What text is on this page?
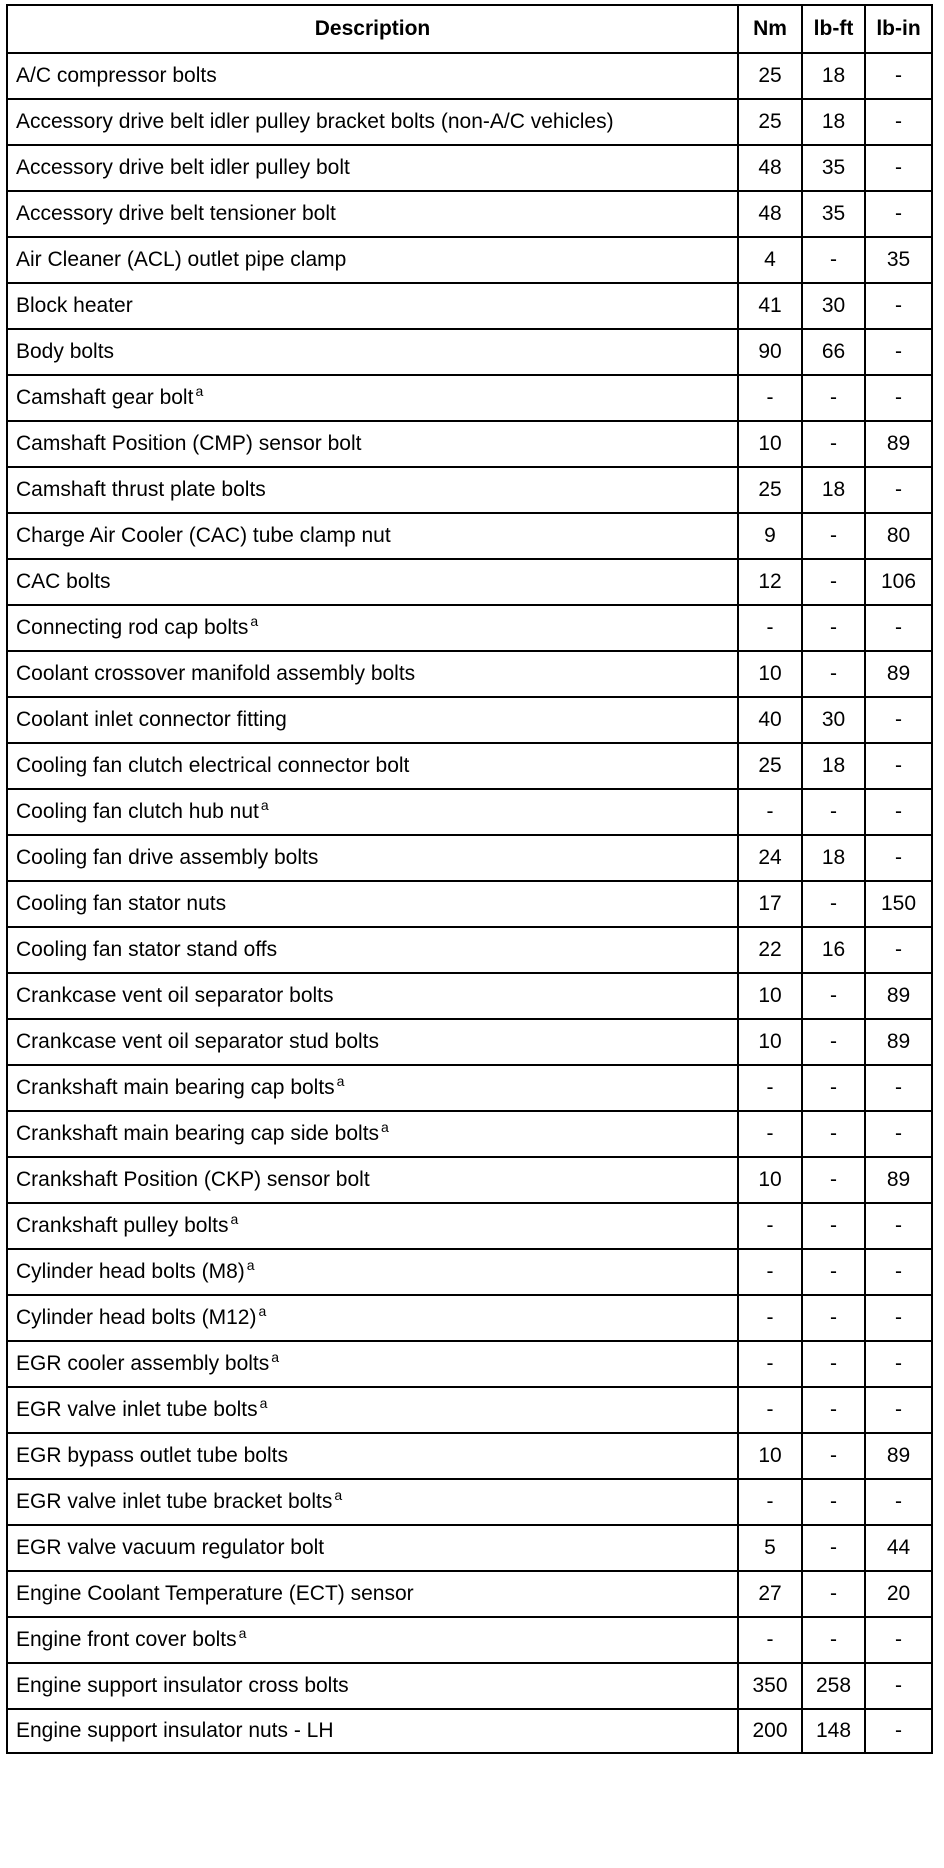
Description	Nm	lb-ft	lb-in
A/C compressor bolts	25	18	-
Accessory drive belt idler pulley bracket bolts (non-A/C vehicles)	25	18	-
Accessory drive belt idler pulley bolt	48	35	-
Accessory drive belt tensioner bolt	48	35	-
Air Cleaner (ACL) outlet pipe clamp	4	-	35
Block heater	41	30	-
Body bolts	90	66	-
Camshaft gear bolt $^a$	-	-	-
Camshaft Position (CMP) sensor bolt	10	-	89
Camshaft thrust plate bolts	25	18	-
Charge Air Cooler (CAC) tube clamp nut	9	-	80
CAC bolts	12	-	106
Connecting rod cap bolts $^a$	-	-	-
Coolant crossover manifold assembly bolts	10	-	89
Coolant inlet connector fitting	40	30	-
Cooling fan clutch electrical connector bolt	25	18	-
Cooling fan clutch hub nut $^a$	-	-	-
Cooling fan drive assembly bolts	24	18	-
Cooling fan stator nuts	17	-	150
Cooling fan stator stand offs	22	16	-
Crankcase vent oil separator bolts	10	-	89
Crankcase vent oil separator stud bolts	10	-	89
Crankshaft main bearing cap bolts $^a$	-	-	-
Crankshaft main bearing cap side bolts $^a$	-	-	-
Crankshaft Position (CKP) sensor bolt	10	-	89
Crankshaft pulley bolts $^a$	-	-	-
Cylinder head bolts (M8) $^a$	-	-	-
Cylinder head bolts (M12) $^a$	-	-	-
EGR cooler assembly bolts $^a$	-	-	-
EGR valve inlet tube bolts $^a$	-	-	-
EGR bypass outlet tube bolts	10	-	89
EGR valve inlet tube bracket bolts $^a$	-	-	-
EGR valve vacuum regulator bolt	5	-	44
Engine Coolant Temperature (ECT) sensor	27	-	20
Engine front cover bolts $^a$	-	-	-
Engine support insulator cross bolts	350	258	-
Engine support insulator nuts - LH	200	148	-
